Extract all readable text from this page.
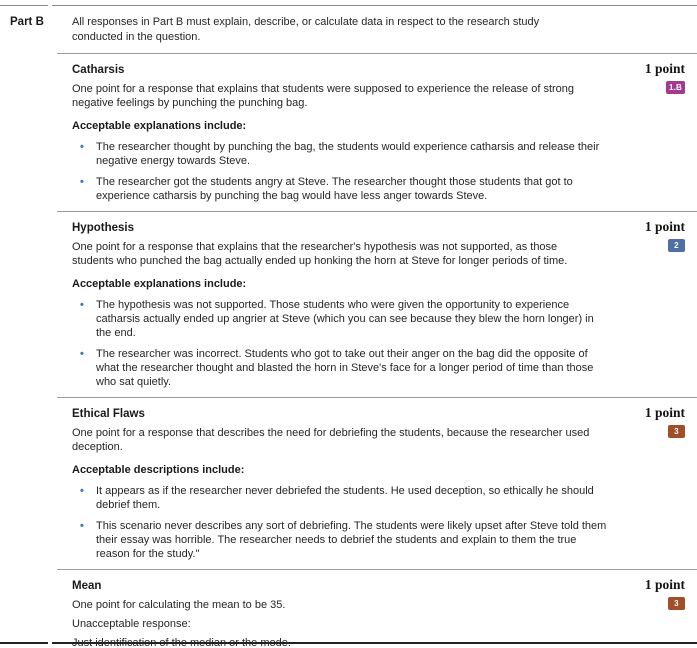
Part B	All responses in Part B must explain, describe, or calculate data in respect to the research study conducted in the question.
Catharsis	1 point
1.B

One point for a response that explains that students were supposed to experience the release of strong negative feelings by punching the punching bag.

Acceptable explanations include:

•
The researcher thought by punching the bag, the students would experience catharsis and release their negative energy towards Steve.
•
The researcher got the students angry at Steve. The researcher thought those students that got to experience catharsis by punching the bag would have less anger towards Steve.
Hypothesis	1 point
2

One point for a response that explains that the researcher's hypothesis was not supported, as those students who punched the bag actually ended up honking the horn at Steve for longer periods of time.

Acceptable explanations include:

•
The hypothesis was not supported. Those students who were given the opportunity to experience catharsis actually ended up angrier at Steve (which you can see because they blew the horn longer) in the end.
•
The researcher was incorrect. Students who got to take out their anger on the bag did the opposite of what the researcher thought and blasted the horn in Steve's face for a longer period of time than those who sat quietly.
Ethical Flaws	1 point
3

One point for a response that describes the need for debriefing the students, because the researcher used deception.

Acceptable descriptions include:

•
It appears as if the researcher never debriefed the students. He used deception, so ethically he should debrief them.
•
This scenario never describes any sort of debriefing. The students were likely upset after Steve told them their essay was horrible. The researcher needs to debrief the students and explain to them the true reason for the study."
Mean	1 point
3

One point for calculating the mean to be 35.

Unacceptable response:

Just identification of the median or the mode.
